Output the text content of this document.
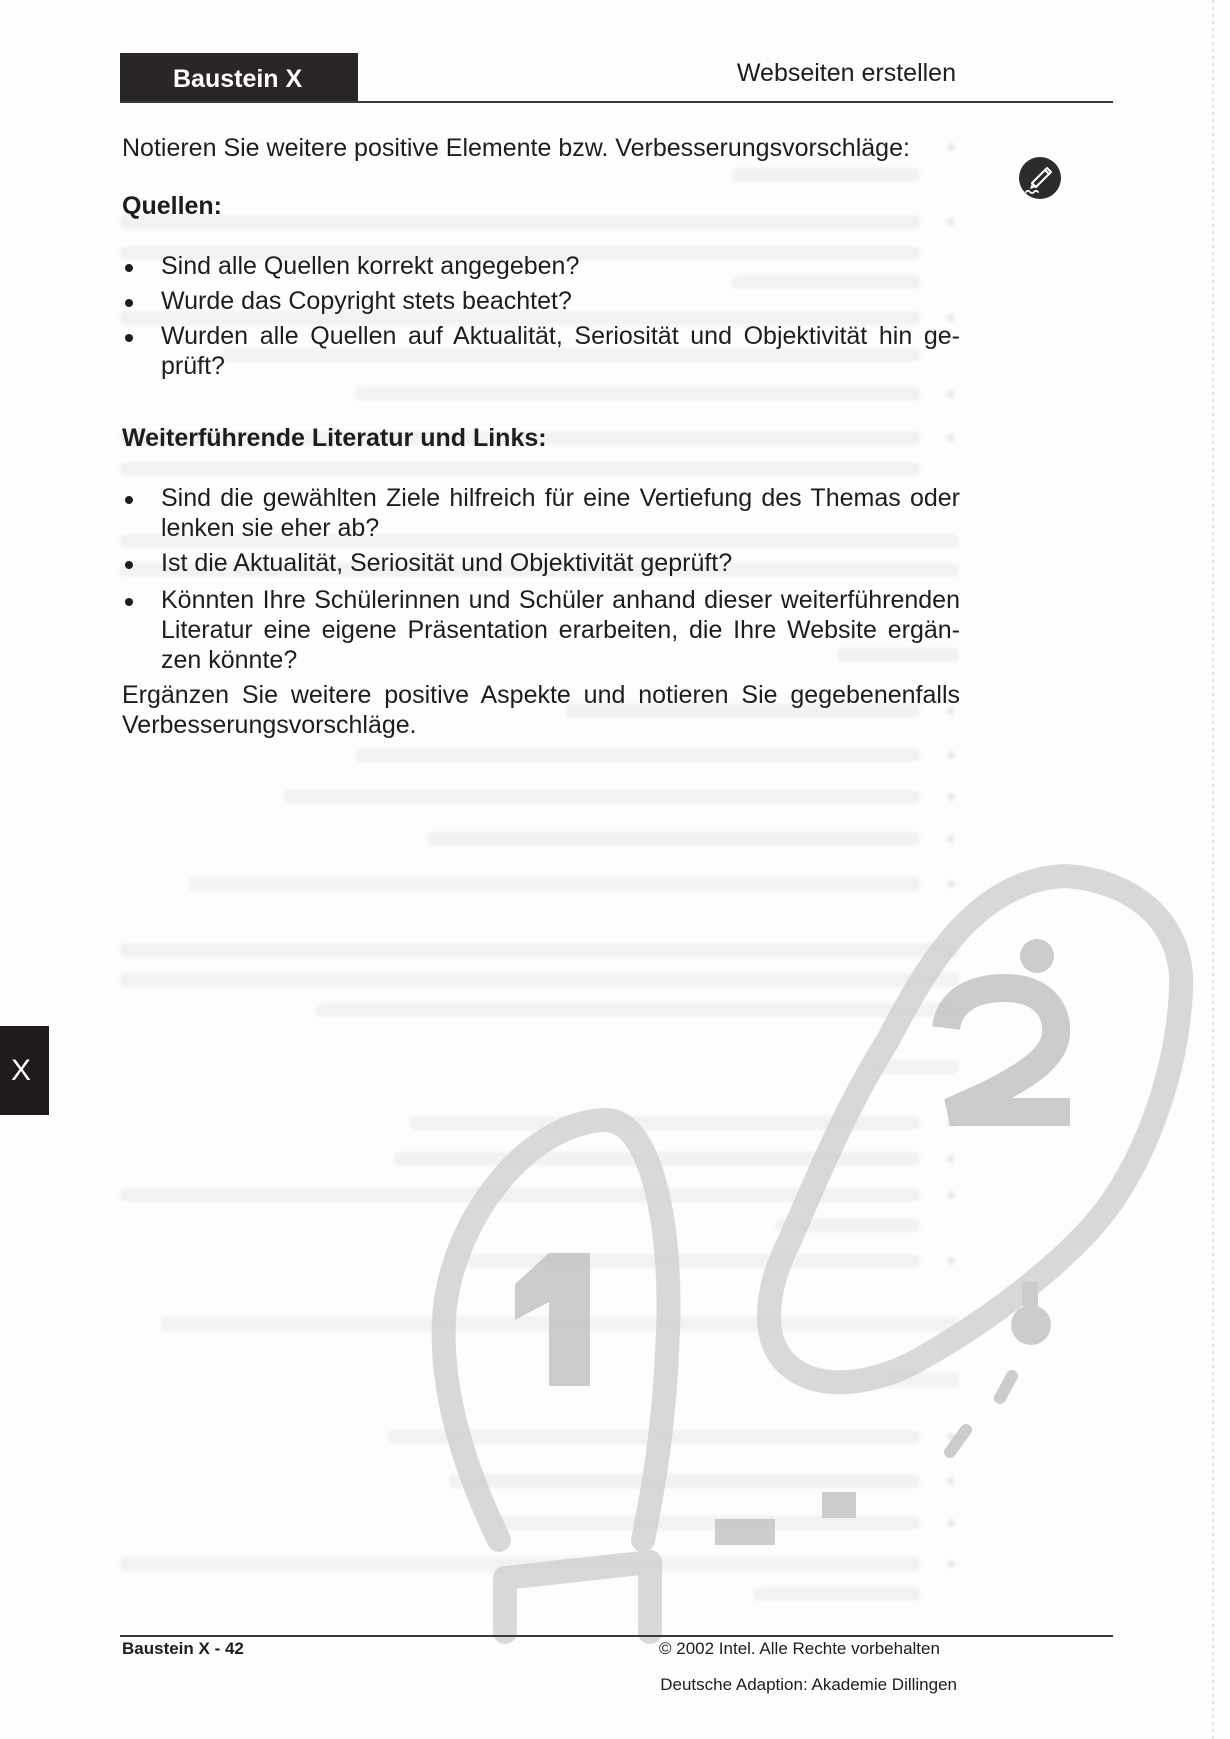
Baustein X	Webseiten erstellen
Notieren Sie weitere positive Elemente bzw. Verbesserungsvorschläge:
Quellen:
Sind alle Quellen korrekt angegeben?
Wurde das Copyright stets beachtet?
Wurden alle Quellen auf Aktualität, Seriosität und Objektivität hin ge-
prüft?
Weiterführende Literatur und Links:
Sind die gewählten Ziele hilfreich für eine Vertiefung des Themas oder
lenken sie eher ab?
Ist die Aktualität, Seriosität und Objektivität geprüft?
Könnten Ihre Schülerinnen und Schüler anhand dieser weiterführenden
Literatur eine eigene Präsentation erarbeiten, die Ihre Website ergän-
zen könnte?
Ergänzen Sie weitere positive Aspekte und notieren Sie gegebenenfalls
Verbesserungsvorschläge.
X
Baustein X - 42	© 2002 Intel. Alle Rechte vorbehalten
Deutsche Adaption: Akademie Dillingen
